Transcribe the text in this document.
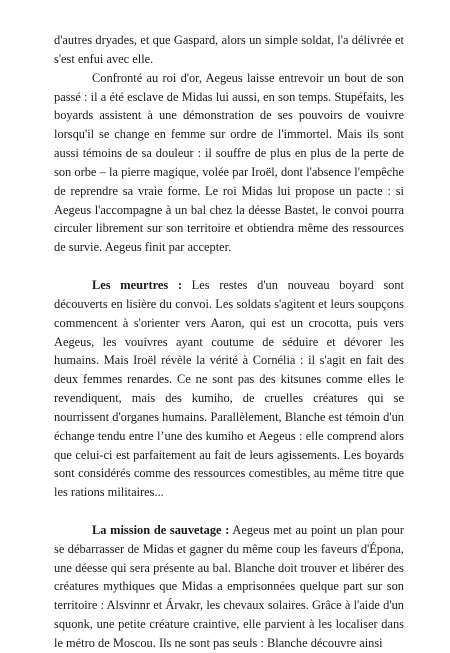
d'autres dryades, et que Gaspard, alors un simple soldat, l'a délivrée et s'est enfui avec elle.

Confronté au roi d'or, Aegeus laisse entrevoir un bout de son passé : il a été esclave de Midas lui aussi, en son temps. Stupéfaits, les boyards assistent à une démonstration de ses pouvoirs de vouivre lorsqu'il se change en femme sur ordre de l'immortel. Mais ils sont aussi témoins de sa douleur : il souffre de plus en plus de la perte de son orbe – la pierre magique, volée par Iroël, dont l'absence l'empêche de reprendre sa vraie forme. Le roi Midas lui propose un pacte : si Aegeus l'accompagne à un bal chez la déesse Bastet, le convoi pourra circuler librement sur son territoire et obtiendra même des ressources de survie. Aegeus finit par accepter.

Les meurtres : Les restes d'un nouveau boyard sont découverts en lisière du convoi. Les soldats s'agitent et leurs soupçons commencent à s'orienter vers Aaron, qui est un crocotta, puis vers Aegeus, les vouivres ayant coutume de séduire et dévorer les humains. Mais Iroël révèle la vérité à Cornélia : il s'agit en fait des deux femmes renardes. Ce ne sont pas des kitsunes comme elles le revendiquent, mais des kumiho, de cruelles créatures qui se nourrissent d'organes humains. Parallèlement, Blanche est témoin d'un échange tendu entre l’une des kumiho et Aegeus : elle comprend alors que celui-ci est parfaitement au fait de leurs agissements. Les boyards sont considérés comme des ressources comestibles, au même titre que les rations militaires...

La mission de sauvetage : Aegeus met au point un plan pour se débarrasser de Midas et gagner du même coup les faveurs d'Épona, une déesse qui sera présente au bal. Blanche doit trouver et libérer des créatures mythiques que Midas a emprisonnées quelque part sur son territoire : Alsvinnr et Árvakr, les chevaux solaires. Grâce à l'aide d'un squonk, une petite créature craintive, elle parvient à les localiser dans le métro de Moscou. Ils ne sont pas seuls : Blanche découvre ainsi
